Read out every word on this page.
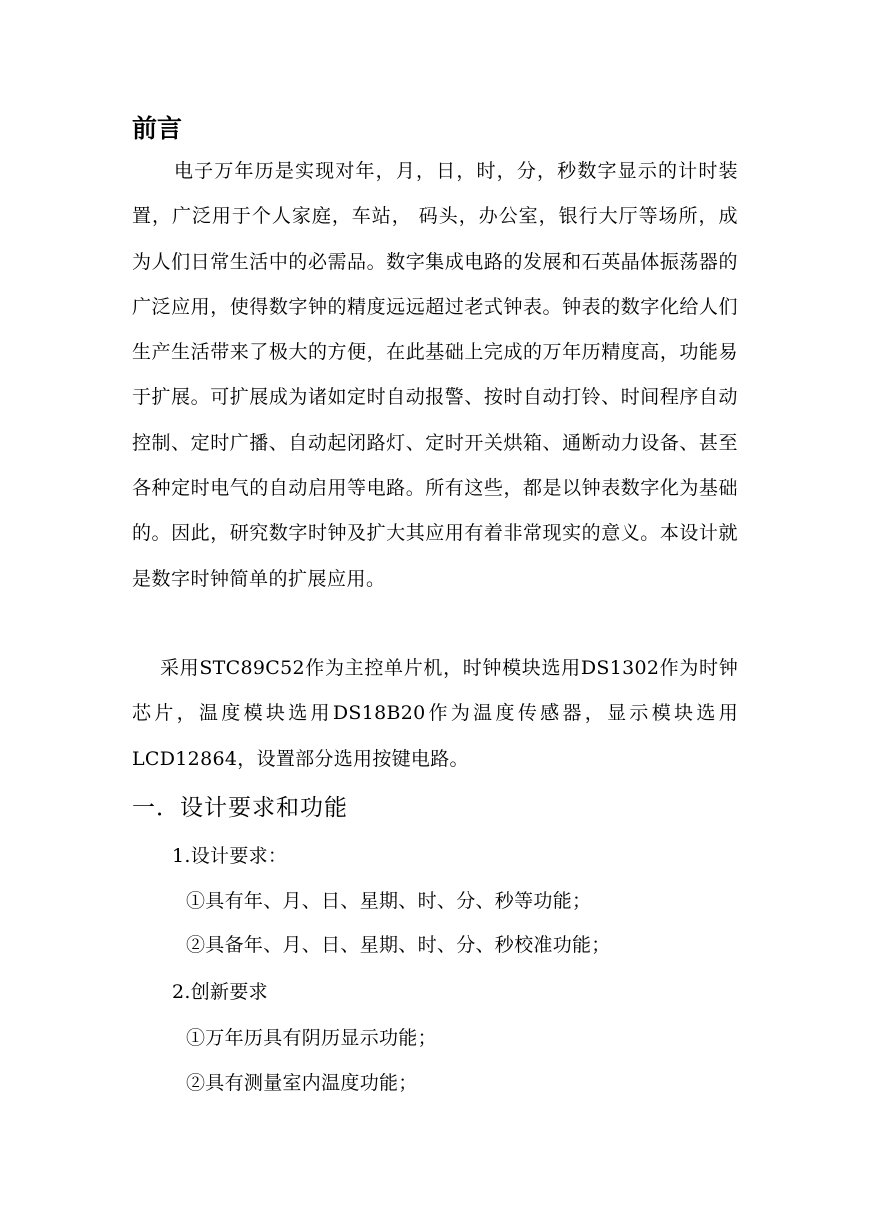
前言

电子万年历是实现对年，月，日，时，分，秒数字显示的计时装置，广泛用于个人家庭，车站， 码头，办公室，银行大厅等场所，成为人们日常生活中的必需品。数字集成电路的发展和石英晶体振荡器的广泛应用，使得数字钟的精度远远超过老式钟表。钟表的数字化给人们生产生活带来了极大的方便，在此基础上完成的万年历精度高，功能易于扩展。可扩展成为诸如定时自动报警、按时自动打铃、时间程序自动控制、定时广播、自动起闭路灯、定时开关烘箱、通断动力设备、甚至各种定时电气的自动启用等电路。所有这些，都是以钟表数字化为基础的。因此，研究数字时钟及扩大其应用有着非常现实的意义。本设计就是数字时钟简单的扩展应用。

采用STC89C52作为主控单片机，时钟模块选用DS1302作为时钟芯片，温度模块选用DS18B20作为温度传感器，显示模块选用LCD12864，设置部分选用按键电路。

一．设计要求和功能

1.设计要求：

①具有年、月、日、星期、时、分、秒等功能；

②具备年、月、日、星期、时、分、秒校准功能；

2.创新要求

①万年历具有阴历显示功能；

②具有测量室内温度功能；
